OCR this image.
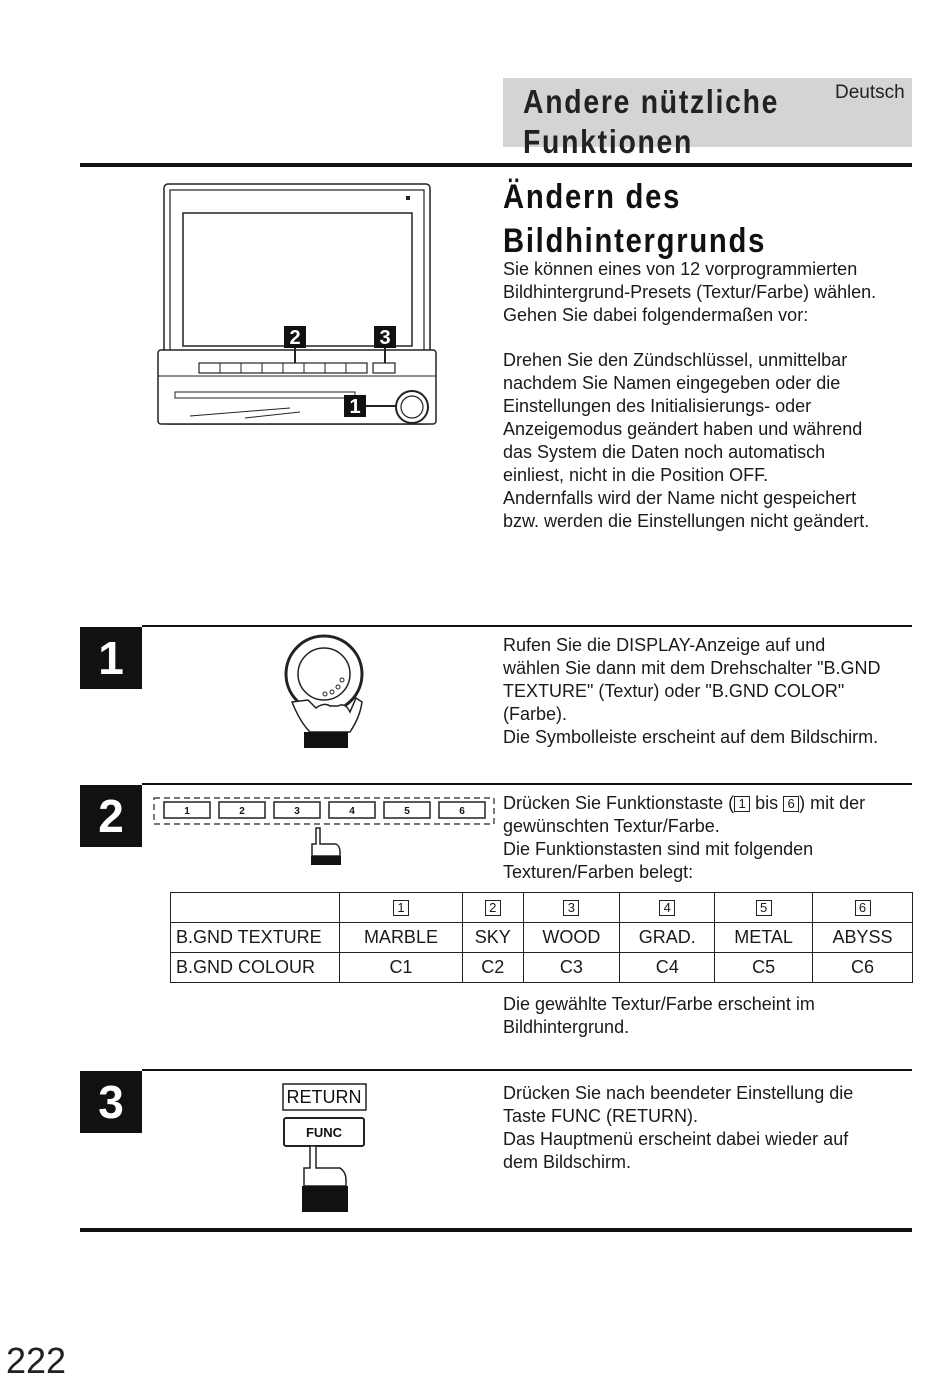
Andere nützliche
Funktionen
Deutsch
2	3
1
Ändern des
Bildhintergrunds

Sie können eines von 12 vorprogrammierten
Bildhintergrund-Presets (Textur/Farbe) wählen.
Gehen Sie dabei folgendermaßen vor:

Drehen Sie den Zündschlüssel, unmittelbar
nachdem Sie Namen eingegeben oder die
Einstellungen des Initialisierungs- oder
Anzeigemodus geändert haben und während
das System die Daten noch automatisch
einliest, nicht in die Position OFF.
Andernfalls wird der Name nicht gespeichert
bzw. werden die Einstellungen nicht geändert.

1	Rufen Sie die DISPLAY-Anzeige auf und
wählen Sie dann mit dem Drehschalter "B.GND
TEXTURE" (Textur) oder "B.GND COLOR"
(Farbe).
Die Symbolleiste erscheint auf dem Bildschirm.

2	1	2	3	4	5	6 Drücken Sie Funktionstaste ( 1 bis 6 ) mit der

gewünschten Textur/Farbe.
Die Funktionstasten sind mit folgenden
Texturen/Farben belegt:

	1	2	3	4	5	6
B.GND TEXTURE	MARBLE	SKY	WOOD	GRAD.	METAL	ABYSS
B.GND COLOUR	C1	C2	C3	C4	C5	C6

Die gewählte Textur/Farbe erscheint im
Bildhintergrund.

3	RETURN
FUNC

Drücken Sie nach beendeter Einstellung die
Taste FUNC (RETURN).
Das Hauptmenü erscheint dabei wieder auf
dem Bildschirm.

222
